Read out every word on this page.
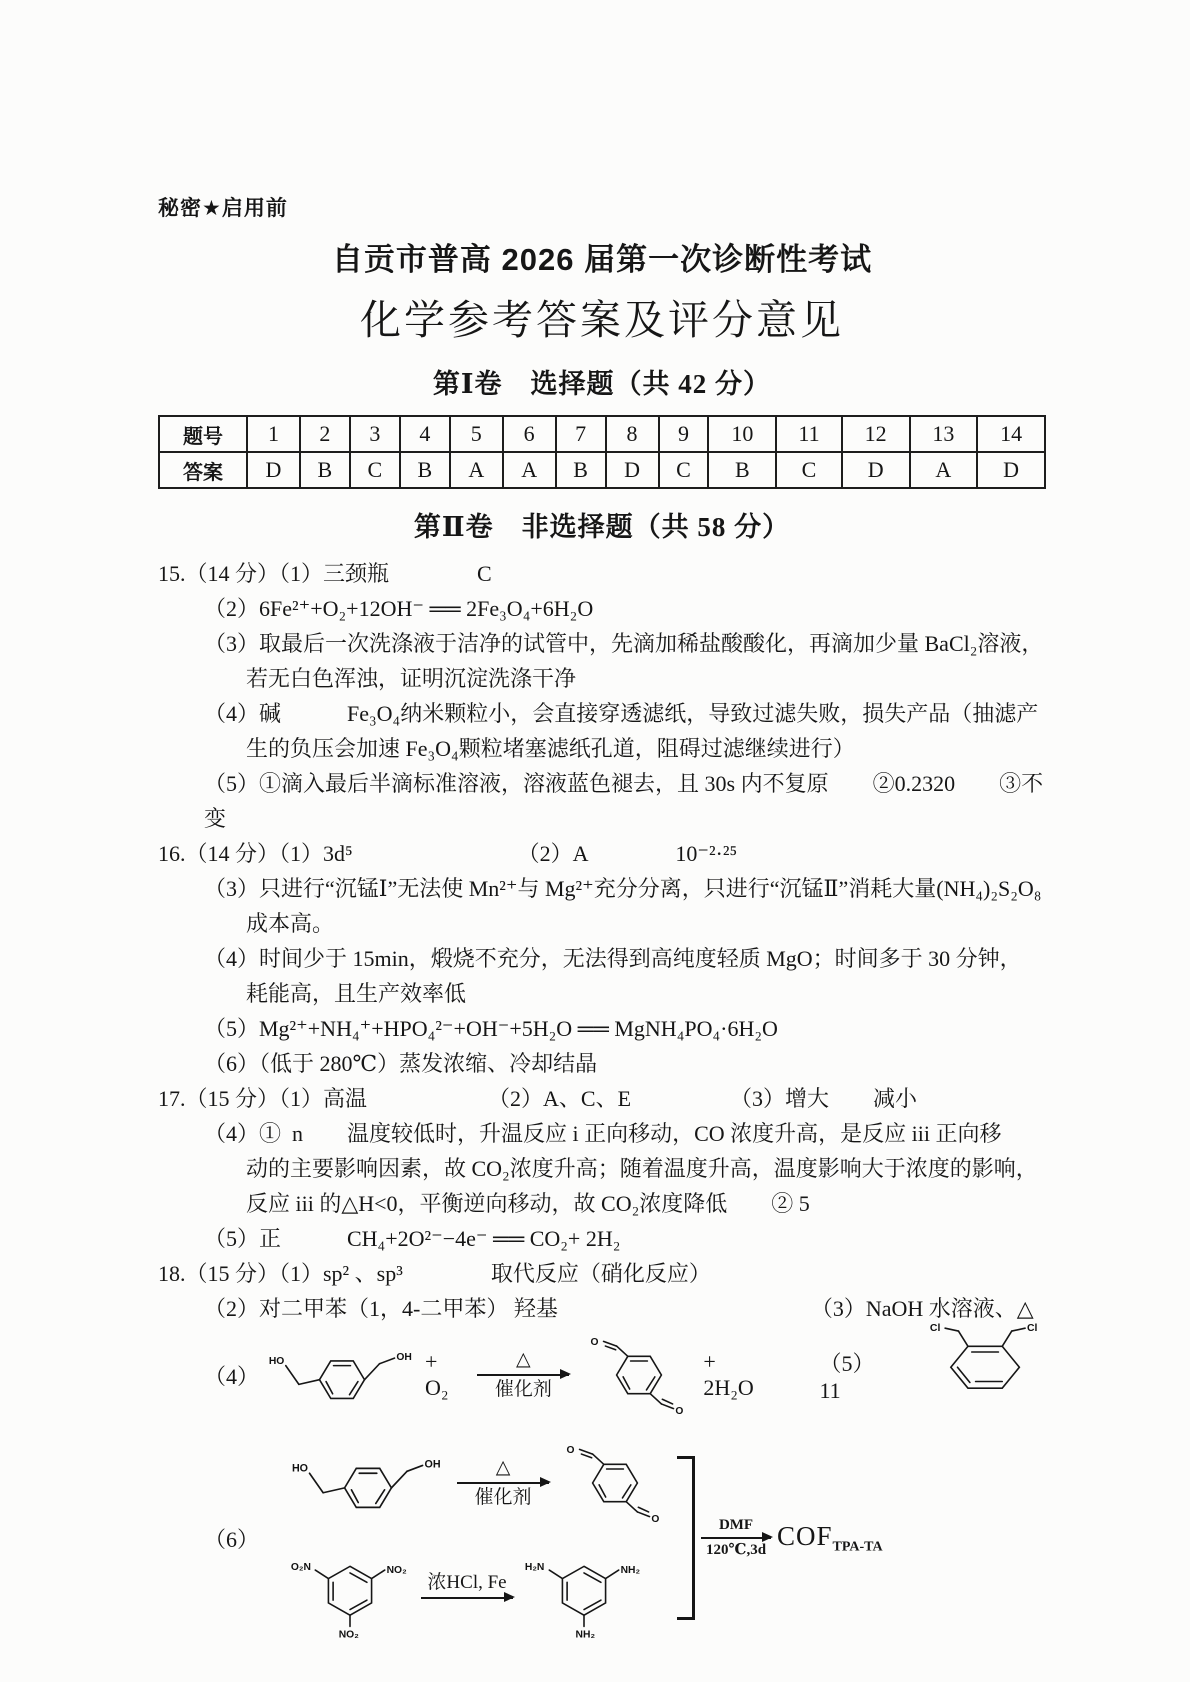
秘密★启用前
自贡市普高 2026 届第一次诊断性考试
化学参考答案及评分意见
第Ⅰ卷　选择题（共 42 分）
题号	1	2	3	4	5	6	7	8	9	10	11	12	13	14
答案	D	B	C	B	A	A	B	D	C	B	C	D	A	D
第Ⅱ卷　非选择题（共 58 分）
15.（14 分）（1）三颈瓶　　　　C
（2）6Fe²⁺+O₂+12OH⁻ ══ 2Fe₃O₄+6H₂O
（3）取最后一次洗涤液于洁净的试管中，先滴加稀盐酸酸化，再滴加少量 BaCl₂溶液，
若无白色浑浊，证明沉淀洗涤干净
（4）碱　　　Fe₃O₄纳米颗粒小，会直接穿透滤纸，导致过滤失败，损失产品（抽滤产
生的负压会加速 Fe₃O₄颗粒堵塞滤纸孔道，阻碍过滤继续进行）
（5）①滴入最后半滴标准溶液，溶液蓝色褪去，且 30s 内不复原　　②0.2320　　③不变
16.（14 分）（1）3d⁵　　　　　　　　（2）A　　　　10⁻²·²⁵
（3）只进行“沉锰Ⅰ”无法使 Mn²⁺与 Mg²⁺充分分离，只进行“沉锰Ⅱ”消耗大量(NH₄)₂S₂O₈
成本高。
（4）时间少于 15min，煅烧不充分，无法得到高纯度轻质 MgO；时间多于 30 分钟，
耗能高，且生产效率低
（5）Mg²⁺+NH₄⁺+HPO₄²⁻+OH⁻+5H₂O ══ MgNH₄PO₄·6H₂O
（6）（低于 280℃）蒸发浓缩、冷却结晶
17.（15 分）（1）高温　　　　　　（2）A、C、E　　　　　（3）增大　　减小
（4）①  n　　温度较低时，升温反应 i 正向移动，CO 浓度升高，是反应 iii 正向移
动的主要影响因素，故 CO₂浓度升高；随着温度升高，温度影响大于浓度的影响，
反应 iii 的△H<0，平衡逆向移动，故 CO₂浓度降低　　② 5
（5）正　　　CH₄+2O²⁻−4e⁻ ══ CO₂+ 2H₂
18.（15 分）（1）sp² 、sp³　　　　取代反应（硝化反应）
（2）对二甲苯（1，4-二甲苯） 羟基　　　　　　　　　　　　（3）NaOH 水溶液、△
（4）
HO	OH + O₂
△
催化剂
O
O
+ 2H₂O
（5）11
Cl	Cl
（6）
HO	OH	△
催化剂
O
O
O₂N	NO₂
NO₂
浓HCl, Fe
H₂N	NH₂
NH₂
DMF
120℃,3d $COF_{TPA-TA}$
